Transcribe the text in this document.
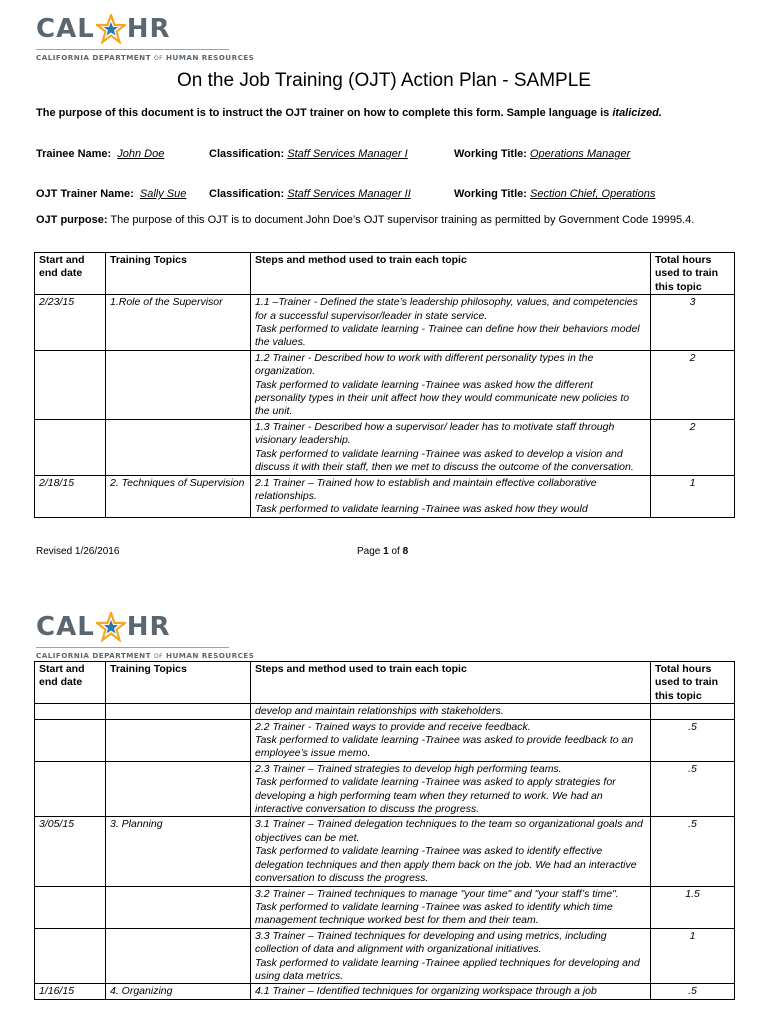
CAL HR
CALIFORNIA DEPARTMENT OF HUMAN RESOURCES
On the Job Training (OJT) Action Plan - SAMPLE
The purpose of this document is to instruct the OJT trainer on how to complete this form. Sample language is italicized.
Trainee Name: John Doe	Classification: Staff Services Manager I	Working Title: Operations Manager
OJT Trainer Name: Sally Sue Classification: Staff Services Manager II	Working Title: Section Chief, Operations
OJT purpose: The purpose of this OJT is to document John Doe’s OJT supervisor training as permitted by Government Code 19995.4.
Start and end date	Training Topics	Steps and method used to train each topic	Total hours used to train this topic
2/23/15	1.Role of the Supervisor	1.1 –Trainer - Defined the state’s leadership philosophy, values, and competencies for a successful supervisor/leader in state service.
Task performed to validate learning - Trainee can define how their behaviors model the values.	3

		1.2 Trainer - Described how to work with different personality types in the organization.
Task performed to validate learning -Trainee was asked how the different personality types in their unit affect how they would communicate new policies to the unit.	2

		1.3 Trainer - Described how a supervisor/ leader has to motivate staff through visionary leadership.
Task performed to validate learning -Trainee was asked to develop a vision and discuss it with their staff, then we met to discuss the outcome of the conversation.	2
2/18/15	2. Techniques of Supervision	2.1 Trainer – Trained how to establish and maintain effective collaborative relationships.
Task performed to validate learning -Trainee was asked how they would	1
Revised 1/26/2016	Page 1 of 8
CAL HR
CALIFORNIA DEPARTMENT OF HUMAN RESOURCES
Start and end date	Training Topics	Steps and method used to train each topic	Total hours used to train this topic

		develop and maintain relationships with stakeholders.	

		2.2 Trainer - Trained ways to provide and receive feedback.
Task performed to validate learning -Trainee was asked to provide feedback to an employee’s issue memo.	.5

		2.3 Trainer – Trained strategies to develop high performing teams.
Task performed to validate learning -Trainee was asked to apply strategies for developing a high performing team when they returned to work. We had an interactive conversation to discuss the progress.	.5
3/05/15	3. Planning	3.1 Trainer – Trained delegation techniques to the team so organizational goals and objectives can be met.
Task performed to validate learning -Trainee was asked to identify effective delegation techniques and then apply them back on the job. We had an interactive conversation to discuss the progress.	.5

		3.2 Trainer – Trained techniques to manage "your time" and "your staff’s time".
Task performed to validate learning -Trainee was asked to identify which time management technique worked best for them and their team.	1.5

		3.3 Trainer – Trained techniques for developing and using metrics, including collection of data and alignment with organizational initiatives.
Task performed to validate learning -Trainee applied techniques for developing and using data metrics.	1
1/16/15	4. Organizing	4.1 Trainer – Identified techniques for organizing workspace through a job	.5
